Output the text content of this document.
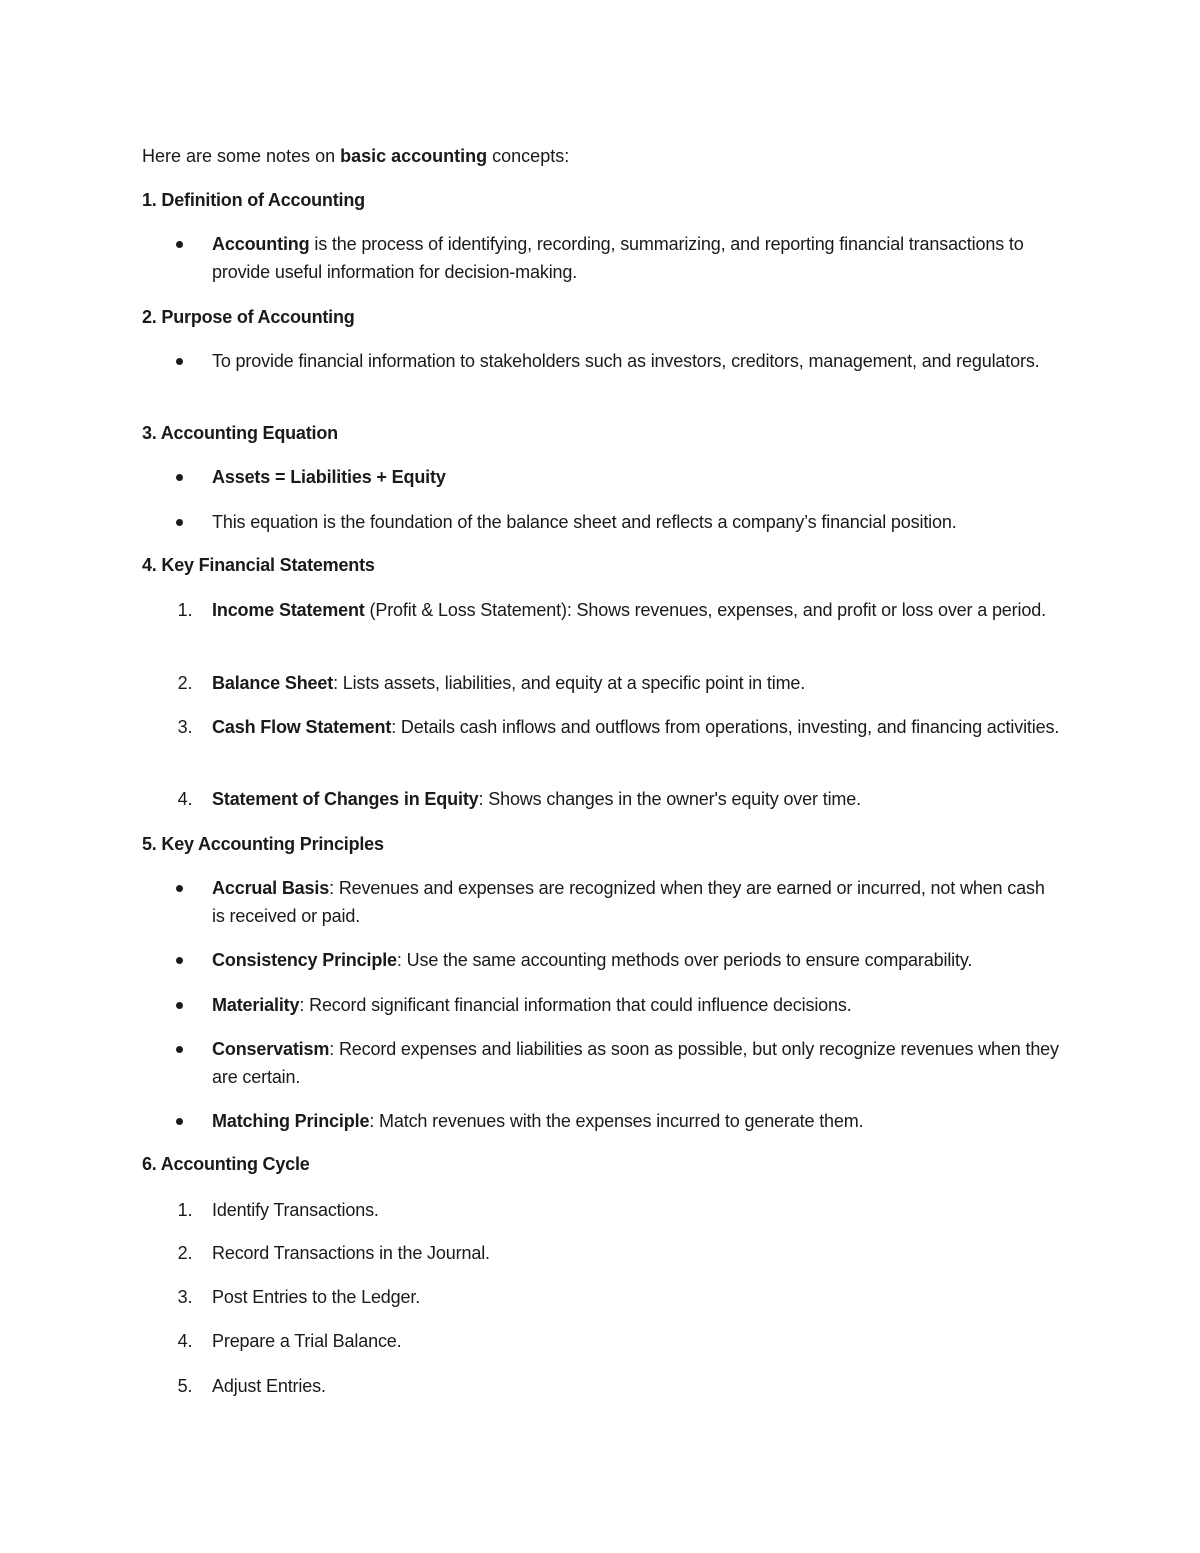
Here are some notes on basic accounting concepts:
1. Definition of Accounting
Accounting is the process of identifying, recording, summarizing, and reporting financial transactions to provide useful information for decision-making.
2. Purpose of Accounting
To provide financial information to stakeholders such as investors, creditors, management, and regulators.
3. Accounting Equation
Assets = Liabilities + Equity
This equation is the foundation of the balance sheet and reflects a company’s financial position.
4. Key Financial Statements
1. Income Statement (Profit & Loss Statement): Shows revenues, expenses, and profit or loss over a period.
2. Balance Sheet: Lists assets, liabilities, and equity at a specific point in time.
3. Cash Flow Statement: Details cash inflows and outflows from operations, investing, and financing activities.
4. Statement of Changes in Equity: Shows changes in the owner's equity over time.
5. Key Accounting Principles
Accrual Basis: Revenues and expenses are recognized when they are earned or incurred, not when cash is received or paid.
Consistency Principle: Use the same accounting methods over periods to ensure comparability.
Materiality: Record significant financial information that could influence decisions.
Conservatism: Record expenses and liabilities as soon as possible, but only recognize revenues when they are certain.
Matching Principle: Match revenues with the expenses incurred to generate them.
6. Accounting Cycle
1. Identify Transactions.
2. Record Transactions in the Journal.
3. Post Entries to the Ledger.
4. Prepare a Trial Balance.
5. Adjust Entries.
